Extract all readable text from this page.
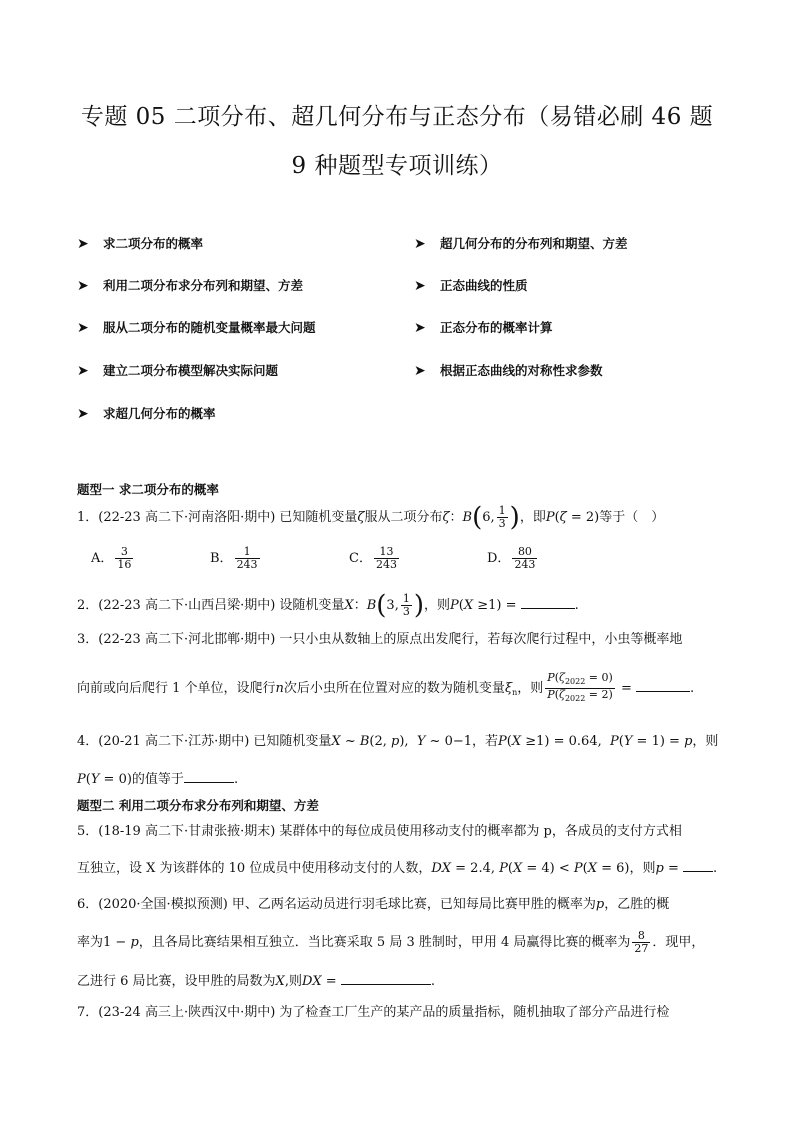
专题 05 二项分布、超几何分布与正态分布（易错必刷 46 题
9 种题型专项训练）
➤ 求二项分布的概率
➤ 利用二项分布求分布列和期望、方差
➤ 服从二项分布的随机变量概率最大问题
➤ 建立二项分布模型解决实际问题
➤ 求超几何分布的概率
➤ 超几何分布的分布列和期望、方差
➤ 正态曲线的性质
➤ 正态分布的概率计算
➤ 根据正态曲线的对称性求参数
题型一 求二项分布的概率
1．(22-23 高二下·河南洛阳·期中) 已知随机变量ζ服从二项分布ζ：B(6, $\frac{1}{3}$ )，即P(ζ = 2)等于（　）
A． $\frac{3}{16}$	B． $\frac{1}{243}$	C． $\frac{13}{243}$	D． $\frac{80}{243}$
2．(22-23 高二下·山西吕梁·期中) 设随机变量X：B(3, $\frac{1}{3}$ )，则P(X ≥1) =	.
3．(22-23 高二下·河北邯郸·期中) 一只小虫从数轴上的原点出发爬行，若每次爬行过程中，小虫等概率地
向前或向后爬行 1 个单位，设爬行n次后小虫所在位置对应的数为随机变量$\xi_n$，则 $\frac{P(\zeta_{2022} = 0)}{P(\zeta_{2022} = 2)}$ =	.
4．(20-21 高二下·江苏·期中) 已知随机变量X ~ B(2, p),  Y ~ 0−1，若P(X ≥1) = 0.64,  P(Y = 1) = p，则
P(Y = 0)的值等于	.
题型二 利用二项分布求分布列和期望、方差
5．(18-19 高二下·甘肃张掖·期末) 某群体中的每位成员使用移动支付的概率都为 p，各成员的支付方式相
互独立，设 X 为该群体的 10 位成员中使用移动支付的人数，DX = 2.4, P(X = 4) < P(X = 6)，则p = .
6．(2020·全国·模拟预测) 甲、乙两名运动员进行羽毛球比赛，已知每局比赛甲胜的概率为p，乙胜的概
率为1 − p，且各局比赛结果相互独立．当比赛采取 5 局 3 胜制时，甲用 4 局赢得比赛的概率为 $\frac{8}{27}$ ．现甲，
乙进行 6 局比赛，设甲胜的局数为X,则DX =	.
7．(23-24 高三上·陕西汉中·期中) 为了检查工厂生产的某产品的质量指标，随机抽取了部分产品进行检
